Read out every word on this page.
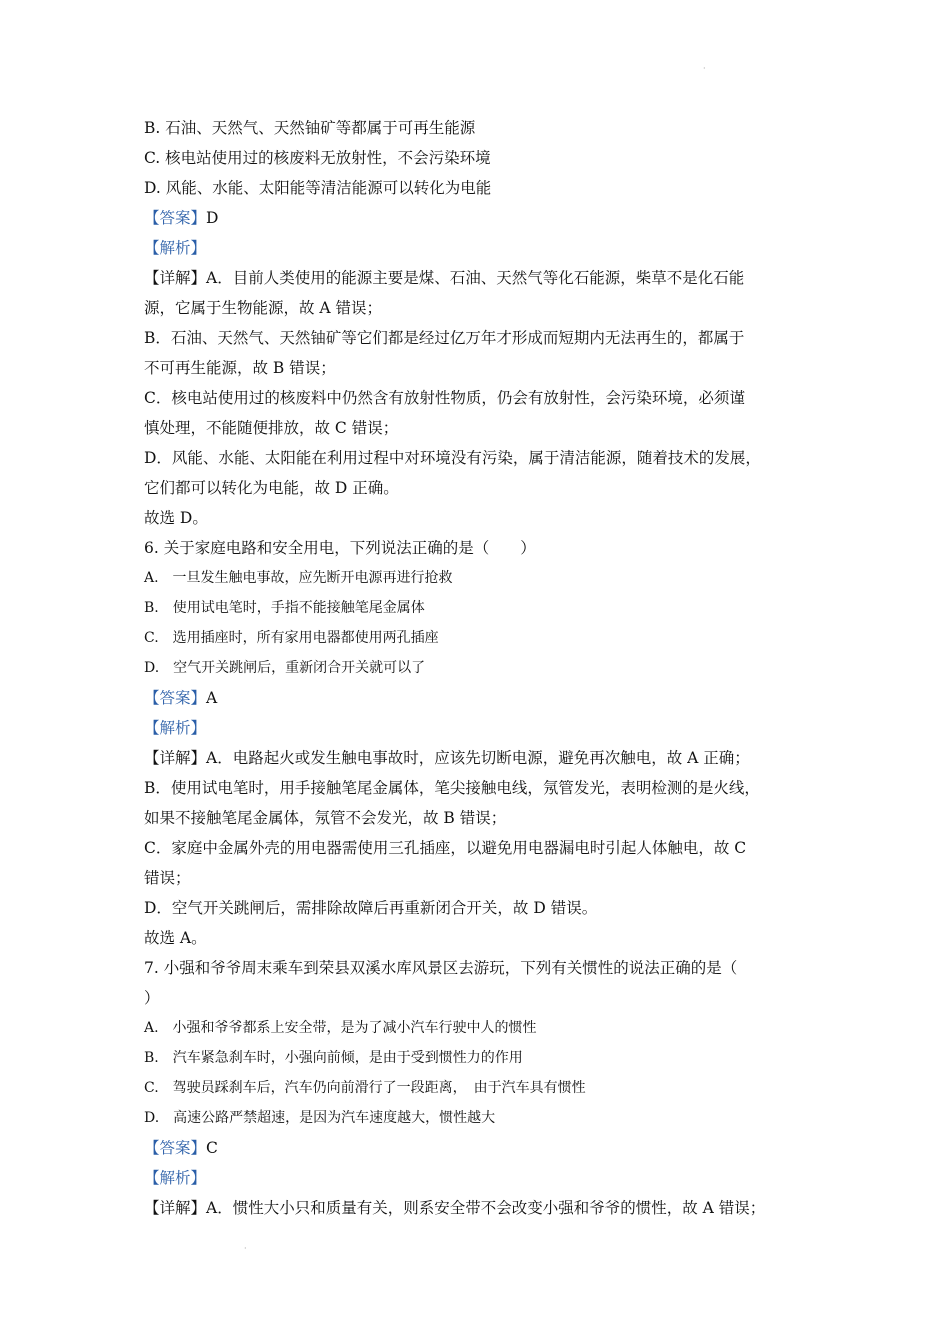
·
B. 石油、天然气、天然铀矿等都属于可再生能源
C. 核电站使用过的核废料无放射性，不会污染环境
D. 风能、水能、太阳能等清洁能源可以转化为电能
【答案】D
【解析】
【详解】A．目前人类使用的能源主要是煤、石油、天然气等化石能源，柴草不是化石能
源，它属于生物能源，故 A 错误；
B．石油、天然气、天然铀矿等它们都是经过亿万年才形成而短期内无法再生的，都属于
不可再生能源，故 B 错误；
C．核电站使用过的核废料中仍然含有放射性物质，仍会有放射性，会污染环境，必须谨
慎处理，不能随便排放，故 C 错误；
D．风能、水能、太阳能在利用过程中对环境没有污染，属于清洁能源，随着技术的发展，
它们都可以转化为电能，故 D 正确。
故选 D。
6. 关于家庭电路和安全用电，下列说法正确的是（　　）
A.　一旦发生触电事故，应先断开电源再进行抢救
B.　使用试电笔时，手指不能接触笔尾金属体
C.　选用插座时，所有家用电器都使用两孔插座
D.　空气开关跳闸后，重新闭合开关就可以了
【答案】A
【解析】
【详解】A．电路起火或发生触电事故时，应该先切断电源，避免再次触电，故 A 正确；
B．使用试电笔时，用手接触笔尾金属体，笔尖接触电线，氖管发光，表明检测的是火线，
如果不接触笔尾金属体，氖管不会发光，故 B 错误；
C．家庭中金属外壳的用电器需使用三孔插座，以避免用电器漏电时引起人体触电，故 C
错误；
D．空气开关跳闸后，需排除故障后再重新闭合开关，故 D 错误。
故选 A。
7. 小强和爷爷周末乘车到荣县双溪水库风景区去游玩，下列有关惯性的说法正确的是（
）
A.　小强和爷爷都系上安全带，是为了减小汽车行驶中人的惯性
B.　汽车紧急刹车时，小强向前倾，是由于受到惯性力的作用
C.　驾驶员踩刹车后，汽车仍向前滑行了一段距离，　由于汽车具有惯性
D.　高速公路严禁超速，是因为汽车速度越大，惯性越大
【答案】C
【解析】
【详解】A．惯性大小只和质量有关，则系安全带不会改变小强和爷爷的惯性，故 A 错误；
·
